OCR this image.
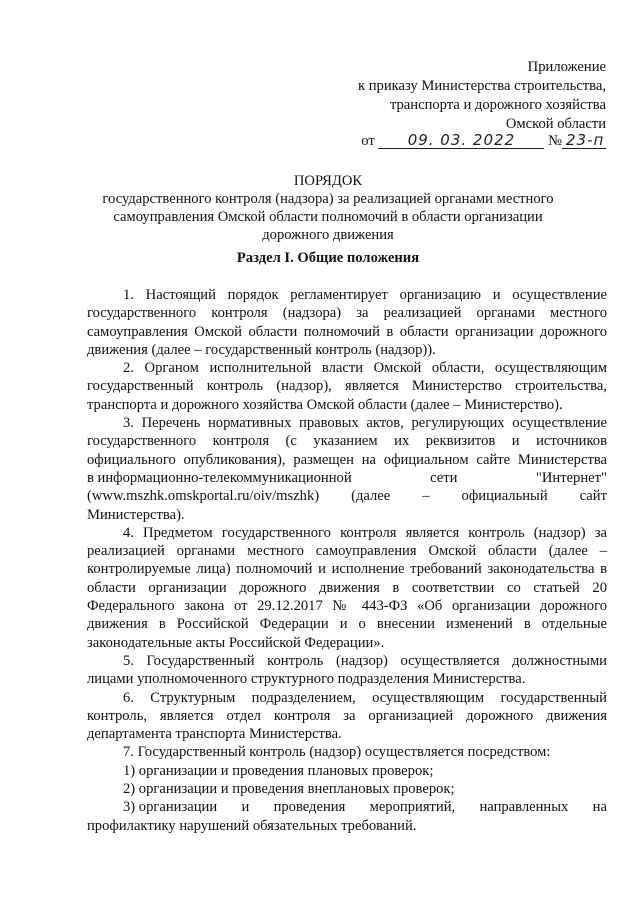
Приложение
к приказу Министерства строительства,
транспорта и дорожного хозяйства
Омской области
от 09. 03. 2022 № 23-п
ПОРЯДОК
государственного контроля (надзора) за реализацией органами местного
самоуправления Омской области полномочий в области организации
дорожного движения
Раздел I. Общие положения

1. Настоящий порядок регламентирует организацию и осуществление государственного контроля (надзора) за реализацией органами местного самоуправления Омской области полномочий в области организации дорожного движения (далее – государственный контроль (надзор)).

2. Органом исполнительной власти Омской области, осуществляющим государственный контроль (надзор), является Министерство строительства, транспорта и дорожного хозяйства Омской области (далее – Министерство).

3. Перечень нормативных правовых актов, регулирующих осуществление государственного контроля (с указанием их реквизитов и источников официального опубликования), размещен на официальном сайте Министерства

в информационно-телекоммуникационной	сети	"Интернет"
(www.mszhk.omskportal.ru/oiv/mszhk) (далее – официальный сайт

Министерства).

4. Предметом государственного контроля является контроль (надзор) за реализацией органами местного самоуправления Омской области (далее – контролируемые лица) полномочий и исполнение требований законодательства в области организации дорожного движения в соответствии со статьей 20 Федерального закона от 29.12.2017 № 443-ФЗ «Об организации дорожного движения в Российской Федерации и о внесении изменений в отдельные законодательные акты Российской Федерации».

5. Государственный контроль (надзор) осуществляется должностными лицами уполномоченного структурного подразделения Министерства.

6. Структурным подразделением, осуществляющим государственный контроль, является отдел контроля за организацией дорожного движения департамента транспорта Министерства.

7. Государственный контроль (надзор) осуществляется посредством:

1) организации и проведения плановых проверок;

2) организации и проведения внеплановых проверок;

3) организации и проведения мероприятий, направленных на

профилактику нарушений обязательных требований.
